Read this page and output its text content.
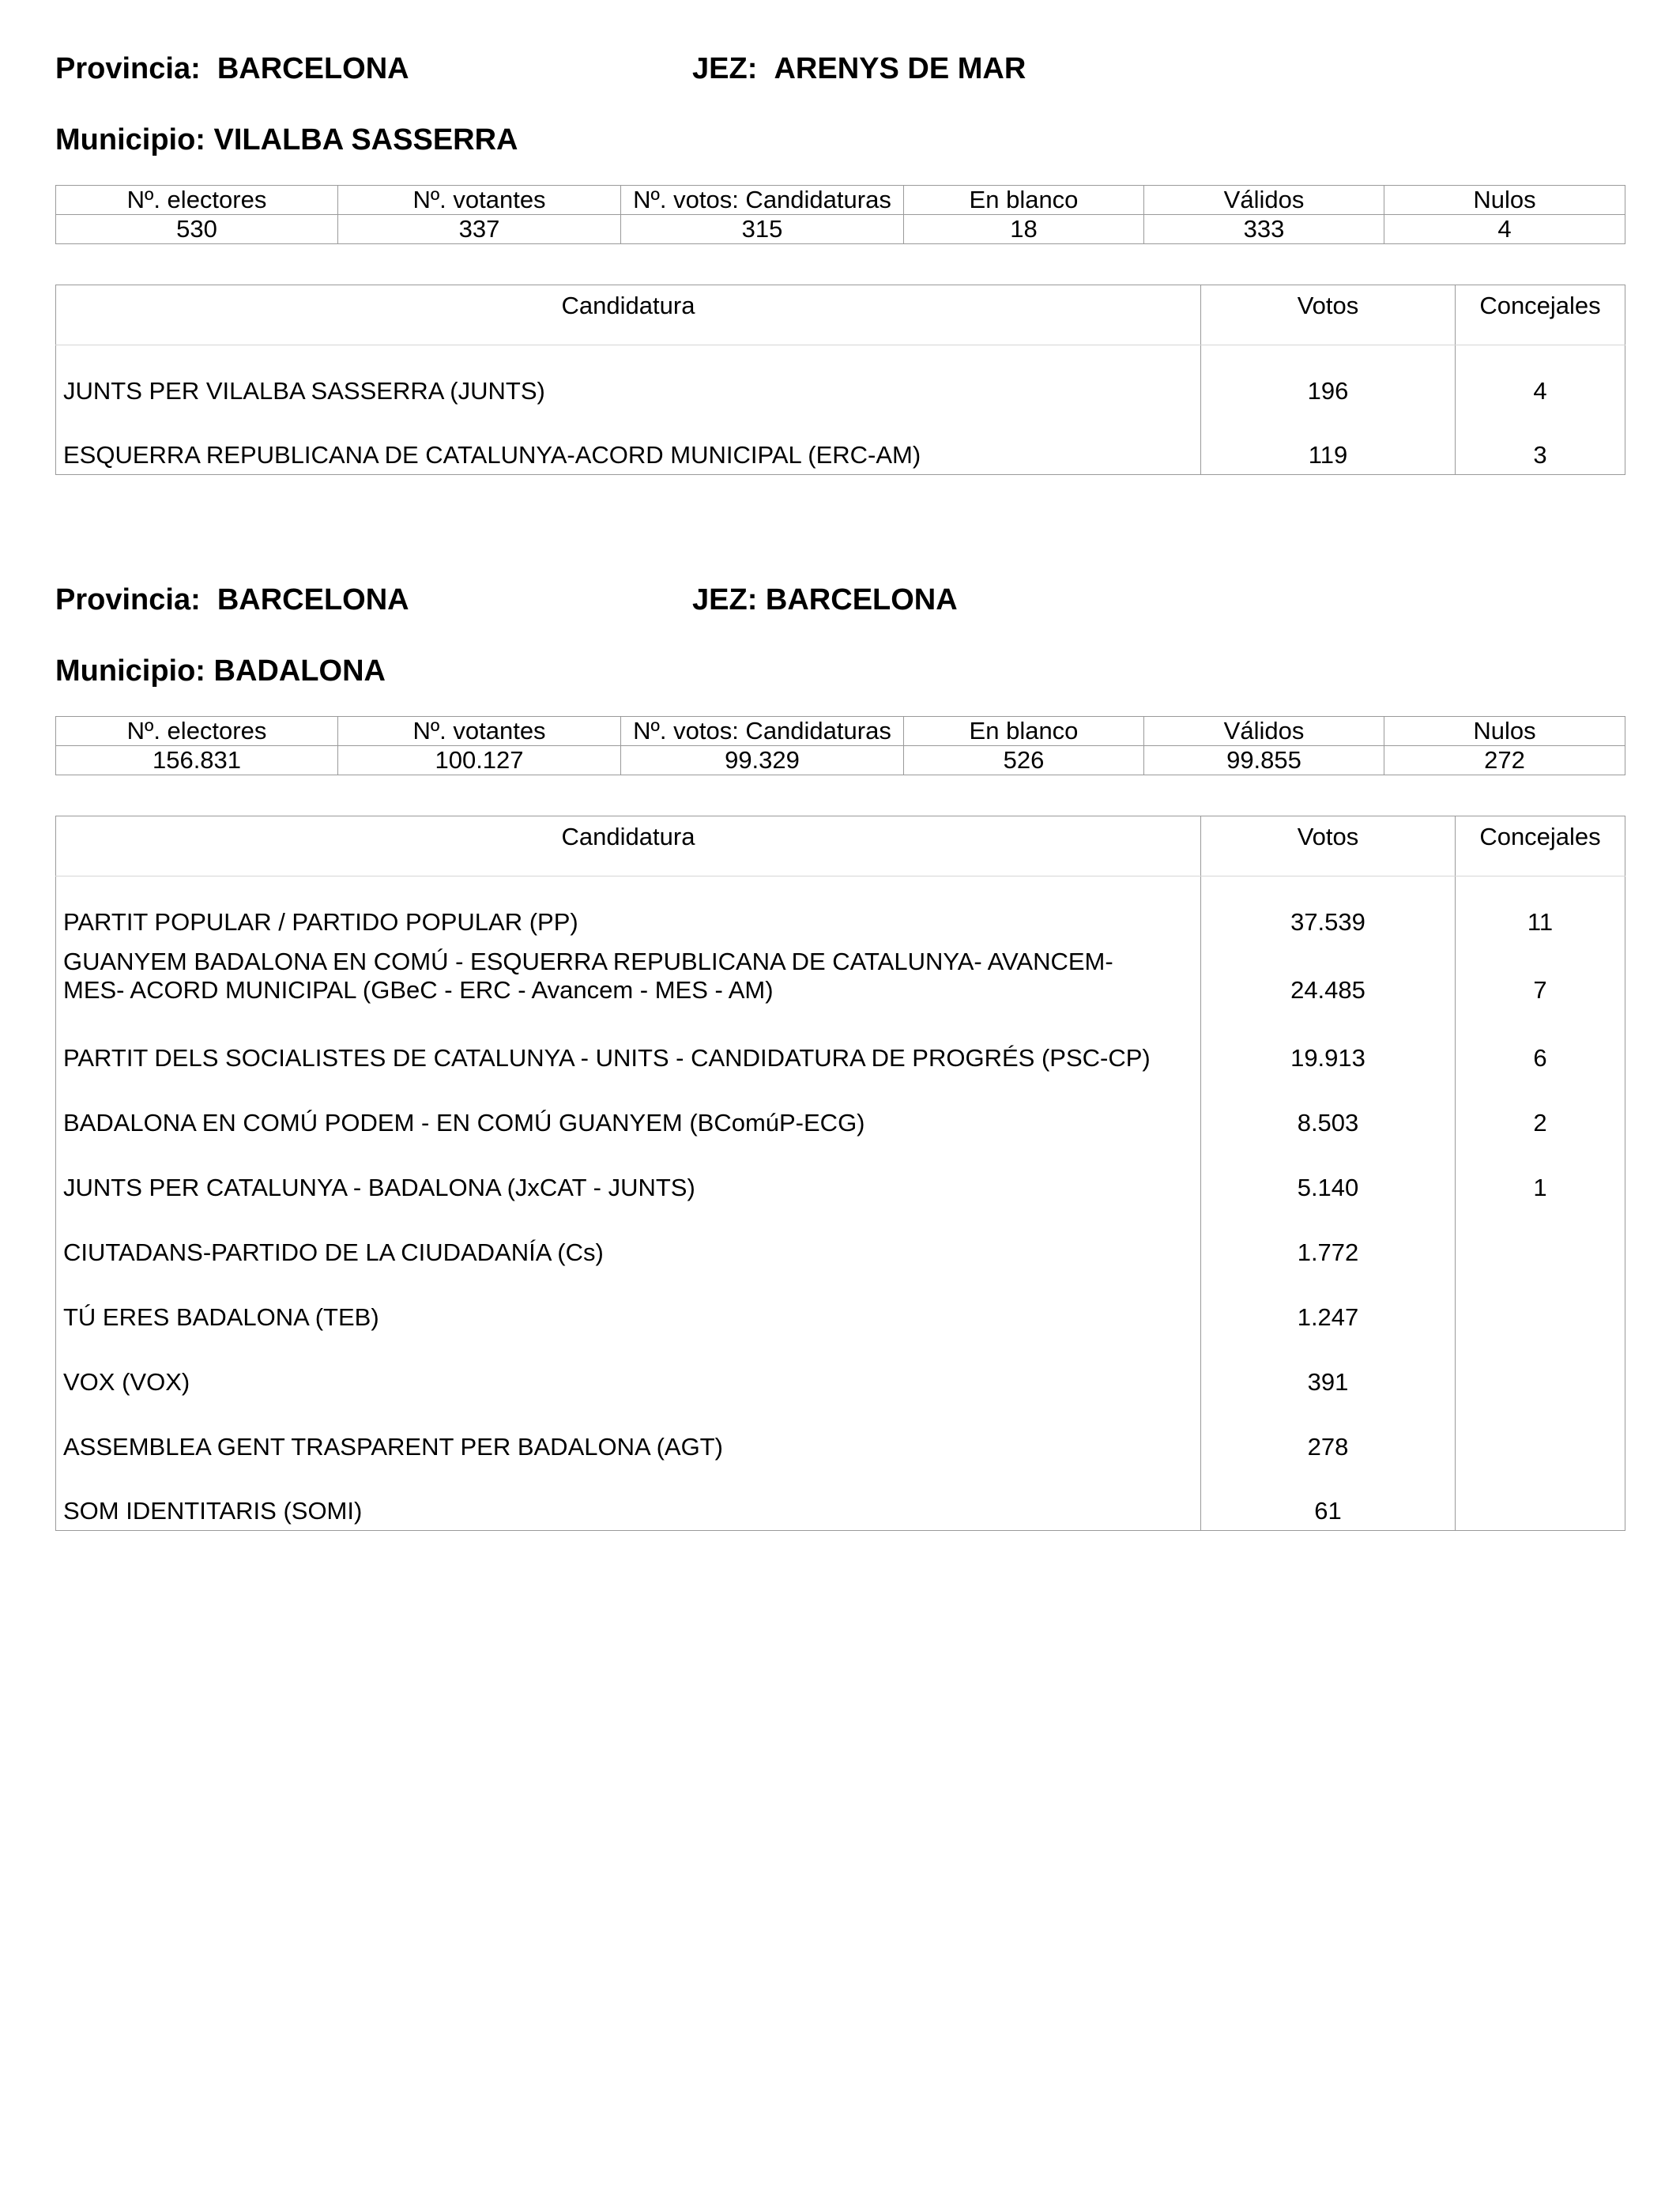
Provincia: BARCELONA	JEZ: ARENYS DE MAR
Municipio: VILALBA SASSERRA
Nº. electores	Nº. votantes	Nº. votos: Candidaturas	En blanco	Válidos	Nulos
530	337	315	18	333	4
Candidatura	Votos	Concejales

JUNTS PER VILALBA SASSERRA (JUNTS)	196	4

ESQUERRA REPUBLICANA DE CATALUNYA-ACORD MUNICIPAL (ERC-AM)	119	3
Provincia: BARCELONA	JEZ: BARCELONA
Municipio: BADALONA
Nº. electores	Nº. votantes	Nº. votos: Candidaturas	En blanco	Válidos	Nulos
156.831	100.127	99.329	526	99.855	272
Candidatura	Votos	Concejales

PARTIT POPULAR / PARTIDO POPULAR (PP)	37.539	11

GUANYEM BADALONA EN COMÚ - ESQUERRA REPUBLICANA DE CATALUNYA- AVANCEM-MES- ACORD MUNICIPAL (GBeC - ERC - Avancem - MES - AM)	24.485	7

PARTIT DELS SOCIALISTES DE CATALUNYA - UNITS - CANDIDATURA DE PROGRÉS (PSC-CP)	19.913	6

BADALONA EN COMÚ PODEM - EN COMÚ GUANYEM (BComúP-ECG)	8.503	2

JUNTS PER CATALUNYA - BADALONA (JxCAT - JUNTS)	5.140	1

CIUTADANS-PARTIDO DE LA CIUDADANÍA (Cs)	1.772	

TÚ ERES BADALONA (TEB)	1.247	

VOX (VOX)	391	

ASSEMBLEA GENT TRASPARENT PER BADALONA (AGT)	278	

SOM IDENTITARIS (SOMI)	61	
